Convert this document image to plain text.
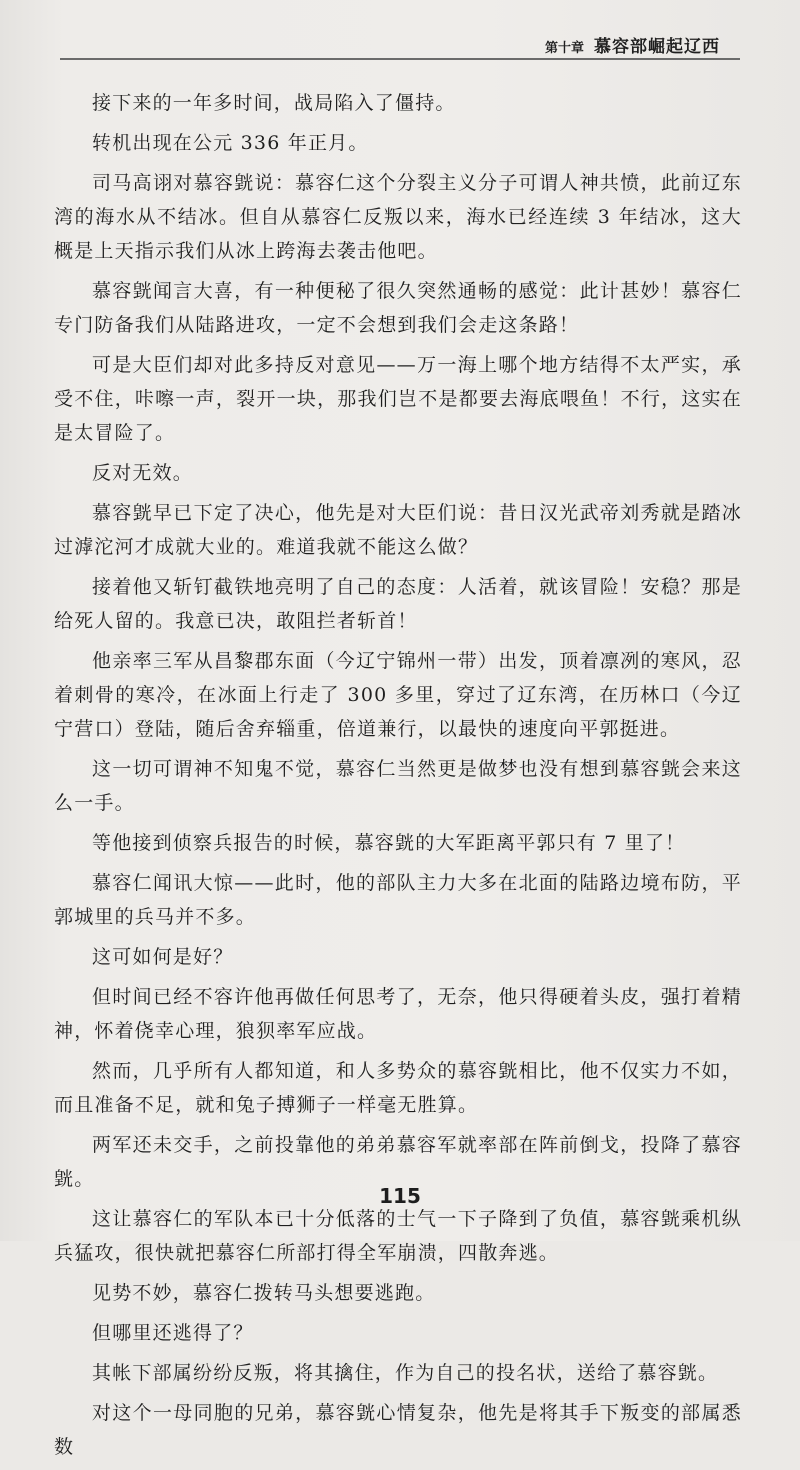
第十章 慕容部崛起辽西

接下来的一年多时间，战局陷入了僵持。

转机出现在公元 336 年正月。

司马高诩对慕容皝说：慕容仁这个分裂主义分子可谓人神共愤，此前辽东湾的海水从不结冰。但自从慕容仁反叛以来，海水已经连续 3 年结冰，这大概是上天指示我们从冰上跨海去袭击他吧。

慕容皝闻言大喜，有一种便秘了很久突然通畅的感觉：此计甚妙！慕容仁专门防备我们从陆路进攻，一定不会想到我们会走这条路！

可是大臣们却对此多持反对意见——万一海上哪个地方结得不太严实，承受不住，咔嚓一声，裂开一块，那我们岂不是都要去海底喂鱼！不行，这实在是太冒险了。

反对无效。

慕容皝早已下定了决心，他先是对大臣们说：昔日汉光武帝刘秀就是踏冰过滹沱河才成就大业的。难道我就不能这么做？

接着他又斩钉截铁地亮明了自己的态度：人活着，就该冒险！安稳？那是给死人留的。我意已决，敢阻拦者斩首！

他亲率三军从昌黎郡东面（今辽宁锦州一带）出发，顶着凛冽的寒风，忍着刺骨的寒冷，在冰面上行走了 300 多里，穿过了辽东湾，在历林口（今辽宁营口）登陆，随后舍弃辎重，倍道兼行，以最快的速度向平郭挺进。

这一切可谓神不知鬼不觉，慕容仁当然更是做梦也没有想到慕容皝会来这么一手。

等他接到侦察兵报告的时候，慕容皝的大军距离平郭只有 7 里了！

慕容仁闻讯大惊——此时，他的部队主力大多在北面的陆路边境布防，平郭城里的兵马并不多。

这可如何是好？

但时间已经不容许他再做任何思考了，无奈，他只得硬着头皮，强打着精神，怀着侥幸心理，狼狈率军应战。

然而，几乎所有人都知道，和人多势众的慕容皝相比，他不仅实力不如，而且准备不足，就和兔子搏狮子一样毫无胜算。

两军还未交手，之前投靠他的弟弟慕容军就率部在阵前倒戈，投降了慕容皝。

这让慕容仁的军队本已十分低落的士气一下子降到了负值，慕容皝乘机纵兵猛攻，很快就把慕容仁所部打得全军崩溃，四散奔逃。

见势不妙，慕容仁拨转马头想要逃跑。

但哪里还逃得了？

其帐下部属纷纷反叛，将其擒住，作为自己的投名状，送给了慕容皝。

对这个一母同胞的兄弟，慕容皝心情复杂，他先是将其手下叛变的部属悉数

115
